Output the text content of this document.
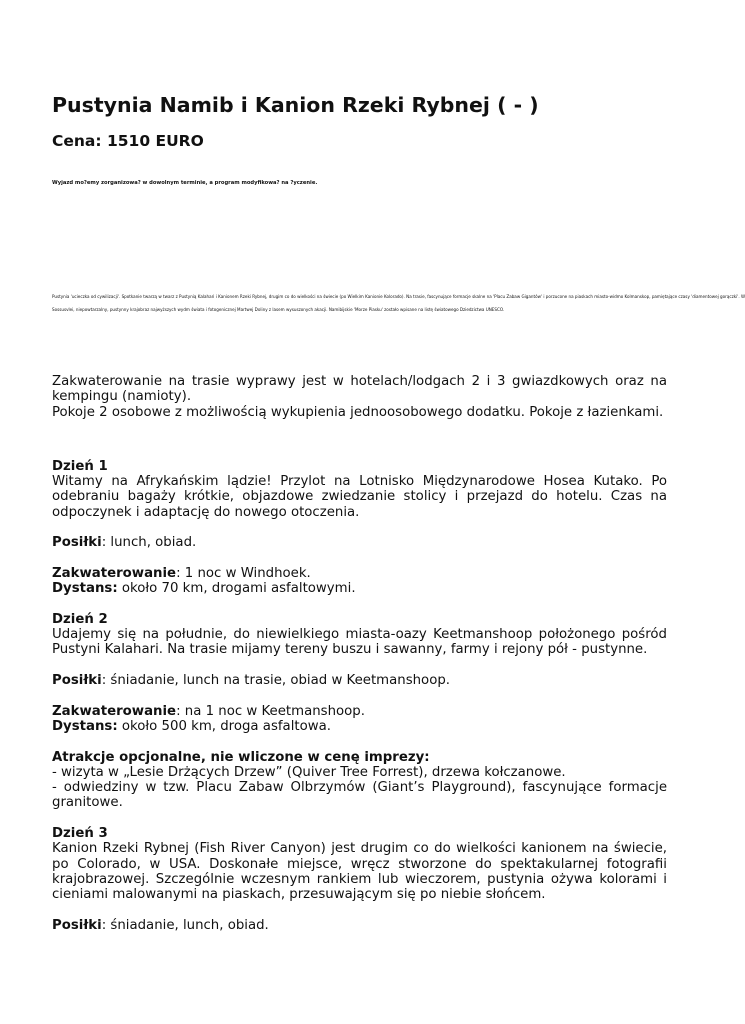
Pustynia Namib i Kanion Rzeki Rybnej ( - )
Cena: 1510 EURO
Wyjazd mo?emy zorganizowa? w dowolnym terminie, a program modyfikowa? na ?yczenie.
Pustynia 'ucieczka od cywilizacji'. Spotkanie twarzą w twarz z Pustynią Kalahari i Kanionem Rzeki Rybnej, drugim co do wielkości na świecie (po Wielkim Kanionie Kolorado). Na trasie, fascynujące formacje skalne na 'Placu Zabaw Gigantów' i porzucone na piaskach miasto-widmo Kolmanskop, pamiętające czasy 'diamentowej gorączki'. W
Sossusvlei, niepowtarzalny, pustynny krajobraz najwyższych wydm świata i fotogenicznej Martwej Doliny z lasem wysuszonych akacji. Namibijskie 'Morze Piasku' zostało wpisane na listę światowego Dziedzictwa UNESCO.

Zakwaterowanie na trasie wyprawy jest w hotelach/lodgach 2 i 3 gwiazdkowych oraz na kempingu (namioty).

Pokoje 2 osobowe z możliwością wykupienia jednoosobowego dodatku. Pokoje z łazienkami.

Dzień 1

Witamy na Afrykańskim lądzie! Przylot na Lotnisko Międzynarodowe Hosea Kutako. Po odebraniu bagaży krótkie, objazdowe zwiedzanie stolicy i przejazd do hotelu. Czas na odpoczynek i adaptację do nowego otoczenia.

Posiłki: lunch, obiad.

Zakwaterowanie: 1 noc w Windhoek.

Dystans: około 70 km, drogami asfaltowymi.

Dzień 2

Udajemy się na południe, do niewielkiego miasta-oazy Keetmanshoop położonego pośród Pustyni Kalahari. Na trasie mijamy tereny buszu i sawanny, farmy i rejony pół - pustynne.

Posiłki: śniadanie, lunch na trasie, obiad w Keetmanshoop.

Zakwaterowanie: na 1 noc w Keetmanshoop.

Dystans: około 500 km, droga asfaltowa.

Atrakcje opcjonalne, nie wliczone w cenę imprezy:

- wizyta w „Lesie Drżących Drzew” (Quiver Tree Forrest), drzewa kołczanowe.

- odwiedziny w tzw. Placu Zabaw Olbrzymów (Giant’s Playground), fascynujące formacje granitowe.

Dzień 3

Kanion Rzeki Rybnej (Fish River Canyon) jest drugim co do wielkości kanionem na świecie, po Colorado, w USA. Doskonałe miejsce, wręcz stworzone do spektakularnej fotografii krajobrazowej. Szczególnie wczesnym rankiem lub wieczorem, pustynia ożywa kolorami i cieniami malowanymi na piaskach, przesuwającym się po niebie słońcem.

Posiłki: śniadanie, lunch, obiad.
